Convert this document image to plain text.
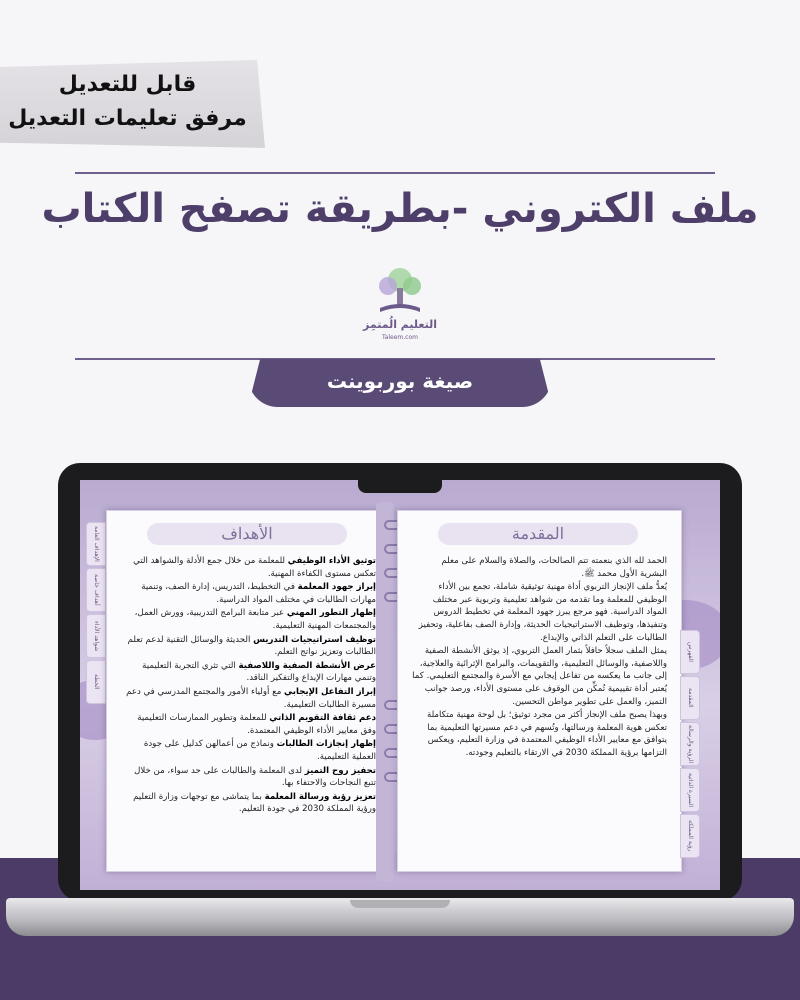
قابل للتعديل
مرفق تعليمات التعديل
ملف الكتروني -بطريقة تصفح الكتاب
التعليم الُمتمِز
Taleem.com
صيغة بوربوينت
الإهداف العامة
أهداف خاصة
شواهد الأداء
الخطة
الأهداف

توثيق الأداء الوظيفي للمعلمة من خلال جمع الأدلة والشواهد التي تعكس مستوى الكفاءة المهنية.

إبراز جهود المعلمة في التخطيط، التدريس، إدارة الصف، وتنمية مهارات الطالبات في مختلف المواد الدراسية.

إظهار التطور المهني عبر متابعة البرامج التدريبية، وورش العمل، والمجتمعات المهنية التعليمية.

توظيف استراتيجيات التدريس الحديثة والوسائل التقنية لدعم تعلم الطالبات وتعزيز نواتج التعلم.

عرض الأنشطة الصفية واللاصفية التي تثري التجربة التعليمية وتنمي مهارات الإبداع والتفكير الناقد.

إبراز التفاعل الإيجابي مع أولياء الأمور والمجتمع المدرسي في دعم مسيرة الطالبات التعليمية.

دعم ثقافة التقويم الذاتي للمعلمة وتطوير الممارسات التعليمية وفق معايير الأداء الوظيفي المعتمدة.

إظهار إنجازات الطالبات ونماذج من أعمالهن كدليل على جودة العملية التعليمية.

تحفيز روح التميز لدى المعلمة والطالبات على حد سواء، من خلال تتبع النجاحات والاحتفاء بها.

تعزيز رؤية ورسالة المعلمة بما يتماشى مع توجهات وزارة التعليم ورؤية المملكة 2030 في جودة التعليم.

المقدمة

الحمد لله الذي بنعمته تتم الصالحات، والصلاة والسلام على معلم البشرية الأول محمد ﷺ.

يُعدُّ ملف الإنجاز التربوي أداة مهنية توثيقية شاملة، تجمع بين الأداء الوظيفي للمعلمة وما تقدمه من شواهد تعليمية وتربوية عبر مختلف المواد الدراسية. فهو مرجع يبرز جهود المعلمة في تخطيط الدروس وتنفيذها، وتوظيف الاستراتيجيات الحديثة، وإدارة الصف بفاعلية، وتحفيز الطالبات على التعلم الذاتي والإبداع.

يمثل الملف سجلاً حافلاً بثمار العمل التربوي، إذ يوثق الأنشطة الصفية واللاصفية، والوسائل التعليمية، والتقويمات، والبرامج الإثرائية والعلاجية، إلى جانب ما يعكسه من تفاعل إيجابي مع الأسرة والمجتمع التعليمي. كما يُعتبر أداة تقييمية تُمكِّن من الوقوف على مستوى الأداء، ورصد جوانب التميز، والعمل على تطوير مواطن التحسين.

وبهذا يصبح ملف الإنجاز أكثر من مجرد توثيق؛ بل لوحة مهنية متكاملة تعكس هوية المعلمة ورسالتها، وتُسهم في دعم مسيرتها التعليمية بما يتوافق مع معايير الأداء الوظيفي المعتمدة في وزارة التعليم، ويعكس التزامها برؤية المملكة 2030 في الارتقاء بالتعليم وجودته.

الفهرس
المقدمة
الرؤية والرسالة
السيرة الذاتية
رؤية المملكة
